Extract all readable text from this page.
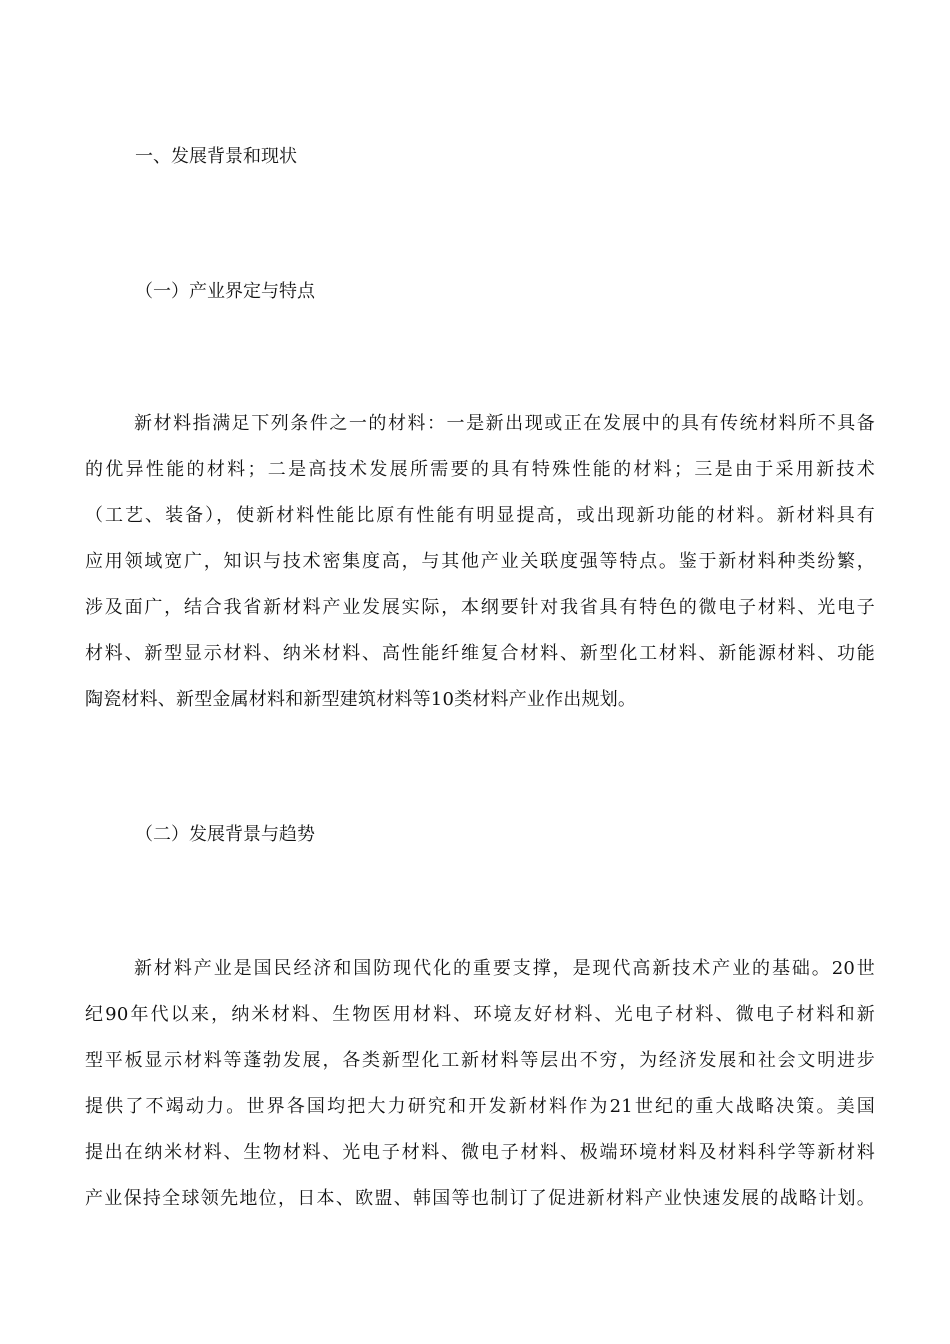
一、发展背景和现状
（一）产业界定与特点
新材料指满足下列条件之一的材料：一是新出现或正在发展中的具有传统材料所不具备
的优异性能的材料；二是高技术发展所需要的具有特殊性能的材料；三是由于采用新技术
（工艺、装备），使新材料性能比原有性能有明显提高，或出现新功能的材料。新材料具有
应用领域宽广，知识与技术密集度高，与其他产业关联度强等特点。鉴于新材料种类纷繁，
涉及面广，结合我省新材料产业发展实际，本纲要针对我省具有特色的微电子材料、光电子
材料、新型显示材料、纳米材料、高性能纤维复合材料、新型化工材料、新能源材料、功能
陶瓷材料、新型金属材料和新型建筑材料等10类材料产业作出规划。
（二）发展背景与趋势
新材料产业是国民经济和国防现代化的重要支撑，是现代高新技术产业的基础。20世
纪90年代以来，纳米材料、生物医用材料、环境友好材料、光电子材料、微电子材料和新
型平板显示材料等蓬勃发展，各类新型化工新材料等层出不穷，为经济发展和社会文明进步
提供了不竭动力。世界各国均把大力研究和开发新材料作为21世纪的重大战略决策。美国
提出在纳米材料、生物材料、光电子材料、微电子材料、极端环境材料及材料科学等新材料
产业保持全球领先地位，日本、欧盟、韩国等也制订了促进新材料产业快速发展的战略计划。
